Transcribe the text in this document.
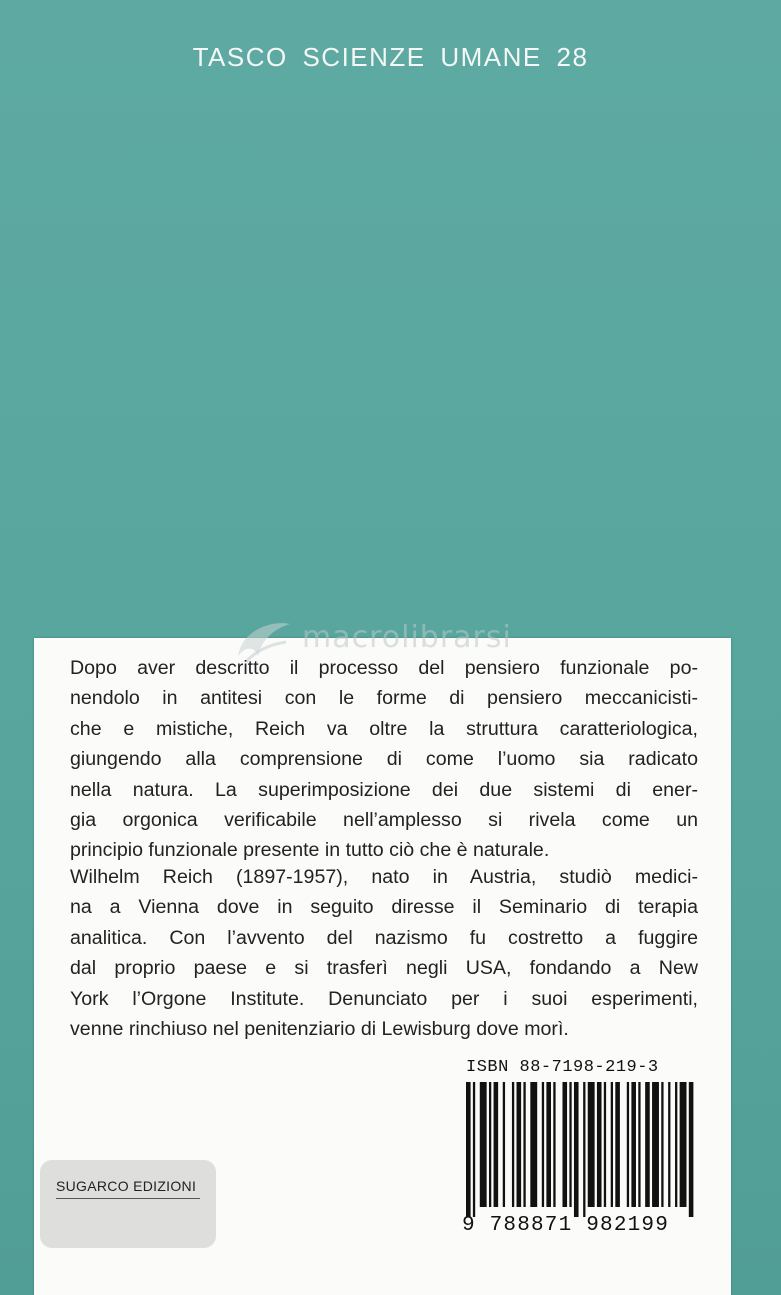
TASCO SCIENZE UMANE 28
macrolibrarsi
Dopo aver descritto il processo del pensiero funzionale po-
nendolo in antitesi con le forme di pensiero meccanicisti-
che e mistiche, Reich va oltre la struttura caratteriologica,
giungendo alla comprensione di come l’uomo sia radicato
nella natura. La superimposizione dei due sistemi di ener-
gia orgonica verificabile nell’amplesso si rivela come un
principio funzionale presente in tutto ciò che è naturale.
Wilhelm Reich (1897-1957), nato in Austria, studiò medici-
na a Vienna dove in seguito diresse il Seminario di terapia
analitica. Con l’avvento del nazismo fu costretto a fuggire
dal proprio paese e si trasferì negli USA, fondando a New
York l’Orgone Institute. Denunciato per i suoi esperimenti,
venne rinchiuso nel penitenziario di Lewisburg dove morì.
ISBN 88-7198-219-3
9 788871 982199
SUGARCO EDIZIONI
